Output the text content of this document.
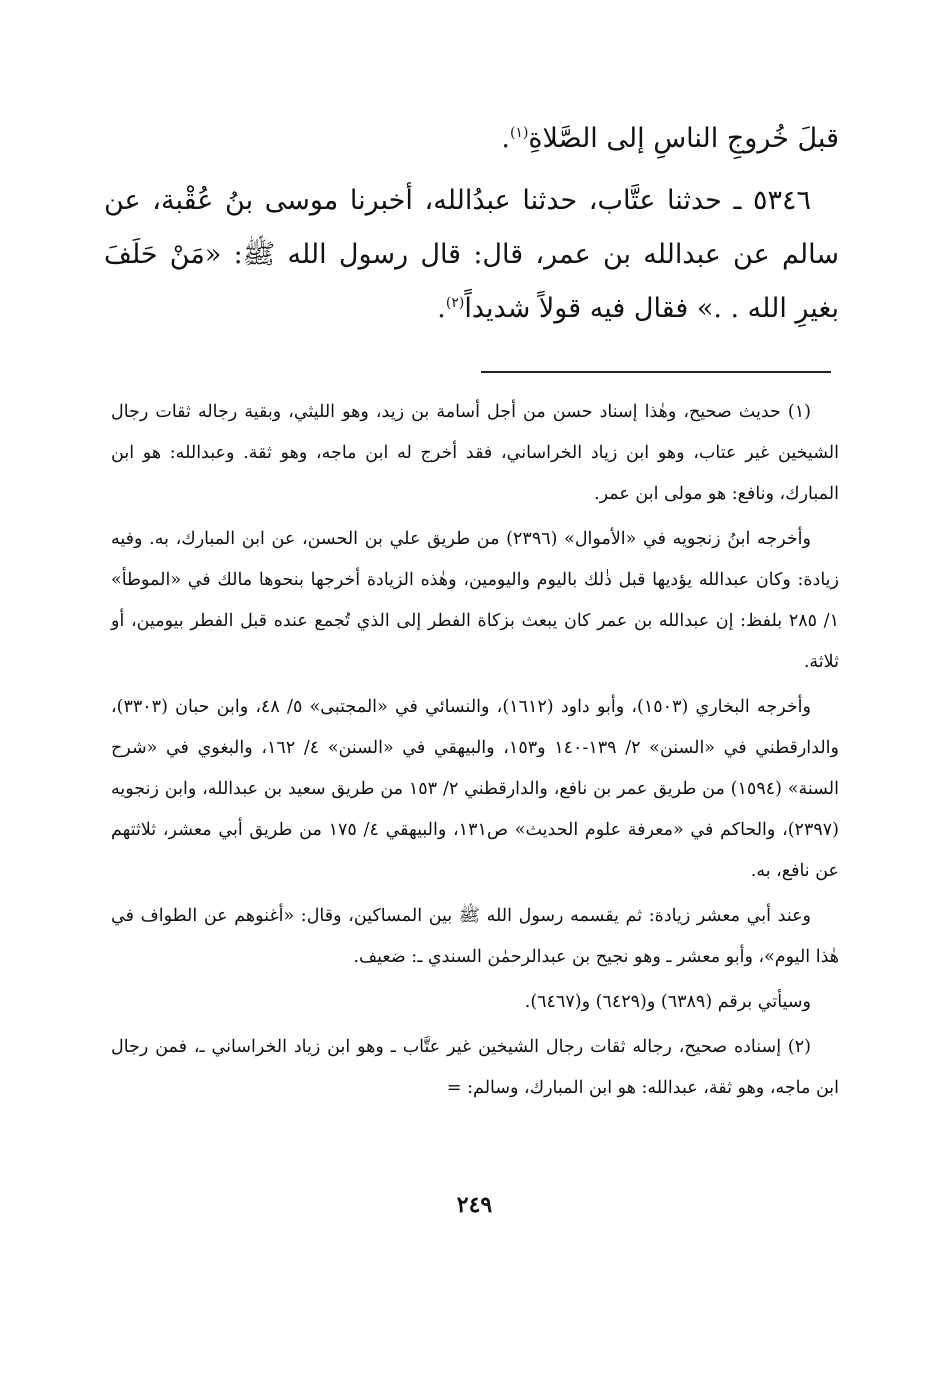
قبلَ خُروجِ الناسِ إلى الصَّلاةِ$^{(١)}$.

٥٣٤٦ ـ حدثنا عتَّاب، حدثنا عبدُالله، أخبرنا موسى بنُ عُقْبة، عن سالم عن عبدالله بن عمر، قال: قال رسول الله ﷺ: «مَنْ حَلَفَ بغيرِ الله . .» فقال فيه قولاً شديداً$^{(٢)}$.

(١) حديث صحيح، وهٰذا إسناد حسن من أجل أسامة بن زيد، وهو الليثي، وبقية رجاله ثقات رجال الشيخين غير عتاب، وهو ابن زياد الخراساني، فقد أخرج له ابن ماجه، وهو ثقة. وعبدالله: هو ابن المبارك، ونافع: هو مولى ابن عمر.

وأخرجه ابنُ زنجويه في «الأموال» (٢٣٩٦) من طريق علي بن الحسن، عن ابن المبارك، به. وفيه زيادة: وكان عبدالله يؤديها قبل ذٰلك باليوم واليومين، وهٰذه الزيادة أخرجها بنحوها مالك في «الموطأ» ١/ ٢٨٥ بلفظ: إن عبدالله بن عمر كان يبعث بزكاة الفطر إلى الذي تُجمع عنده قبل الفطر بيومين، أو ثلاثة.

وأخرجه البخاري (١٥٠٣)، وأبو داود (١٦١٢)، والنسائي في «المجتبى» ٥/ ٤٨، وابن حبان (٣٣٠٣)، والدارقطني في «السنن» ٢/ ١٣٩-١٤٠ و١٥٣، والبيهقي في «السنن» ٤/ ١٦٢، والبغوي في «شرح السنة» (١٥٩٤) من طريق عمر بن نافع، والدارقطني ٢/ ١٥٣ من طريق سعيد بن عبدالله، وابن زنجويه (٢٣٩٧)، والحاكم في «معرفة علوم الحديث» ص١٣١، والبيهقي ٤/ ١٧٥ من طريق أبي معشر، ثلاثتهم عن نافع، به.

وعند أبي معشر زيادة: ثم يقسمه رسول الله ﷺ بين المساكين، وقال: «أغنوهم عن الطواف في هٰذا اليوم»، وأبو معشر ـ وهو نجيح بن عبدالرحمٰن السندي ـ: ضعيف.

وسيأتي برقم (٦٣٨٩) و(٦٤٢٩) و(٦٤٦٧).

(٢) إسناده صحيح، رجاله ثقات رجال الشيخين غير عتَّاب ـ وهو ابن زياد الخراساني ـ، فمن رجال ابن ماجه، وهو ثقة، عبدالله: هو ابن المبارك، وسالم: =

٢٤٩
